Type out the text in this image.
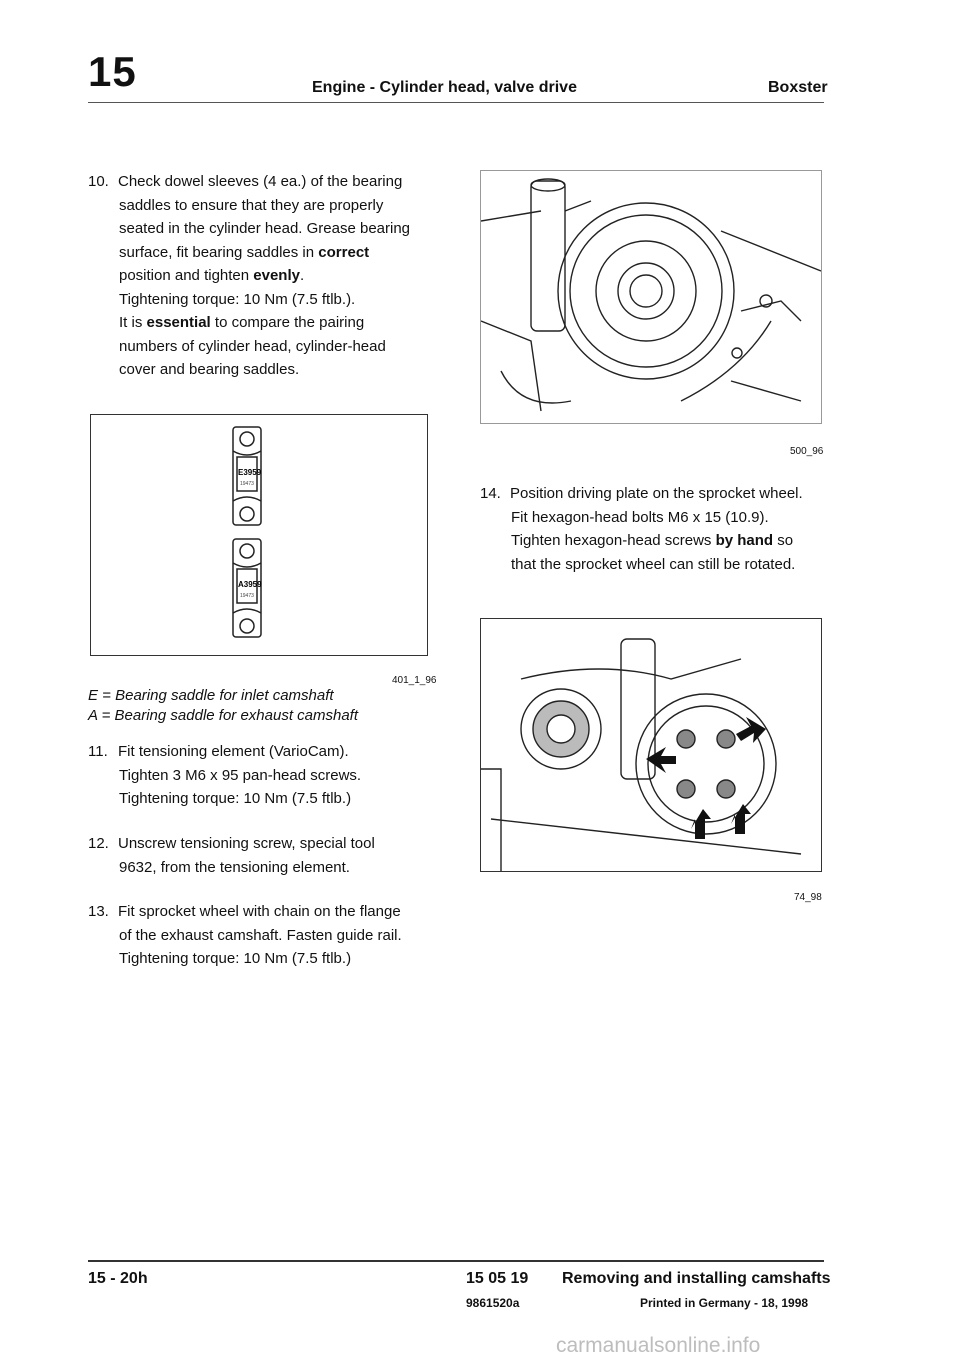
15	Engine - Cylinder head, valve drive	Boxster
10. Check dowel sleeves (4 ea.) of the bearing
saddles to ensure that they are properly
seated in the cylinder head. Grease bearing
surface, fit bearing saddles in correct
position and tighten evenly.
Tightening torque: 10 Nm (7.5 ftlb.).
It is essential to compare the pairing
numbers of cylinder head, cylinder-head
cover and bearing saddles.
E3959
19473
A3959
19473
401_1_96
E = Bearing saddle for inlet camshaft
A = Bearing saddle for exhaust camshaft
11. Fit tensioning element (VarioCam).
Tighten 3 M6 x 95 pan-head screws.
Tightening torque: 10 Nm (7.5 ftlb.)
12. Unscrew tensioning screw, special tool
9632, from the tensioning element.
13. Fit sprocket wheel with chain on the flange
of the exhaust camshaft. Fasten guide rail.
Tightening torque: 10 Nm (7.5 ftlb.)
500_96
14. Position driving plate on the sprocket wheel.
Fit hexagon-head bolts M6 x 15 (10.9).
Tighten hexagon-head screws by hand so
that the sprocket wheel can still be rotated.
74_98
15 - 20h	15 05 19 Removing and installing camshafts
9861520a	Printed in Germany - 18, 1998
carmanualsonline.info
